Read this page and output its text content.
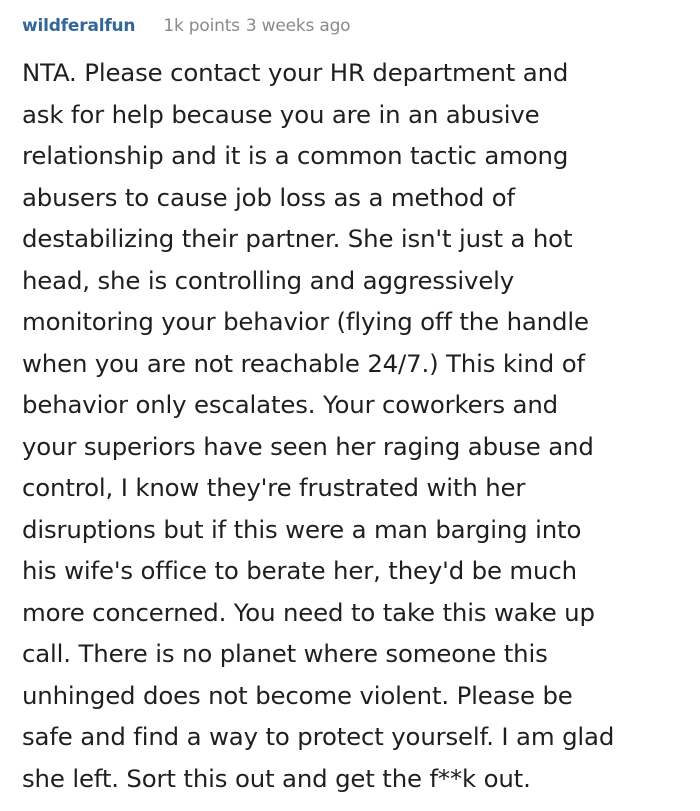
wildferalfun 1k points 3 weeks ago
NTA. Please contact your HR department and
ask for help because you are in an abusive
relationship and it is a common tactic among
abusers to cause job loss as a method of
destabilizing their partner. She isn't just a hot
head, she is controlling and aggressively
monitoring your behavior (flying off the handle
when you are not reachable 24/7.) This kind of
behavior only escalates. Your coworkers and
your superiors have seen her raging abuse and
control, I know they're frustrated with her
disruptions but if this were a man barging into
his wife's office to berate her, they'd be much
more concerned. You need to take this wake up
call. There is no planet where someone this
unhinged does not become violent. Please be
safe and find a way to protect yourself. I am glad
she left. Sort this out and get the f**k out.
